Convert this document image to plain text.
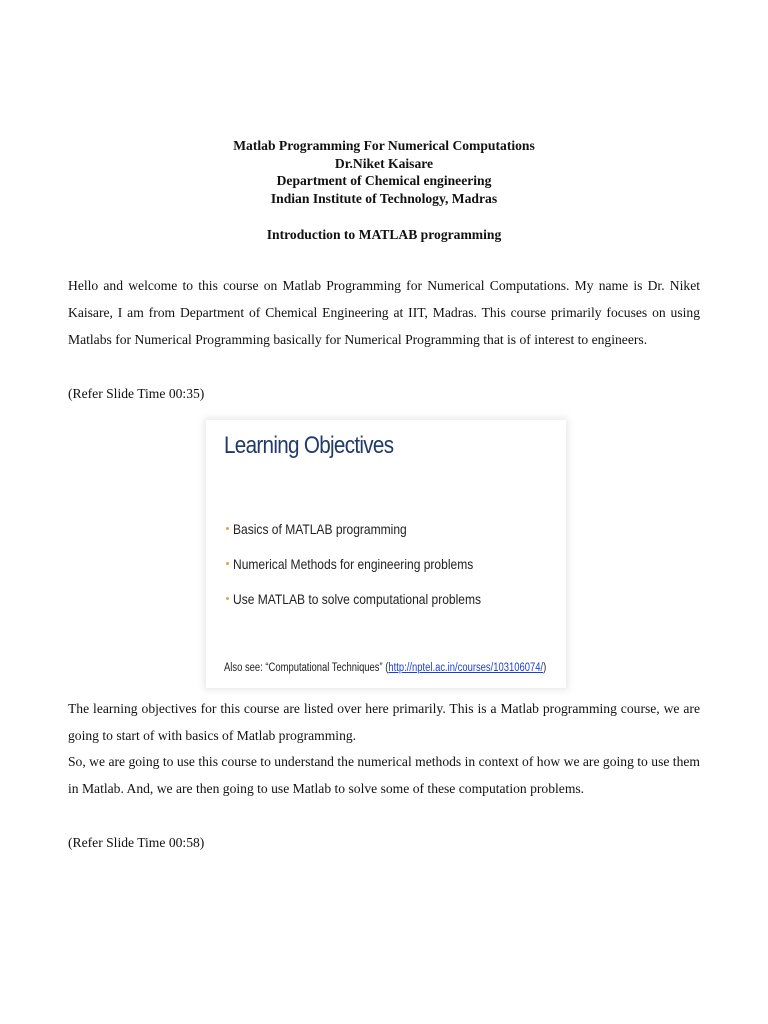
Matlab Programming For Numerical Computations
Dr.Niket Kaisare
Department of Chemical engineering
Indian Institute of Technology, Madras
Introduction to MATLAB programming

Hello and welcome to this course on Matlab Programming for Numerical Computations. My name is Dr. Niket Kaisare, I am from Department of Chemical Engineering at IIT, Madras. This course primarily focuses on using Matlabs for Numerical Programming basically for Numerical Programming that is of interest to engineers.

(Refer Slide Time 00:35)
Learning Objectives
Basics of MATLAB programming
Numerical Methods for engineering problems
Use MATLAB to solve computational problems
Also see: “Computational Techniques” (http://nptel.ac.in/courses/103106074/)

The learning objectives for this course are listed over here primarily. This is a Matlab programming course, we are going to start of with basics of Matlab programming.

So, we are going to use this course to understand the numerical methods in context of how we are going to use them in Matlab. And, we are then going to use Matlab to solve some of these computation problems.

(Refer Slide Time 00:58)
